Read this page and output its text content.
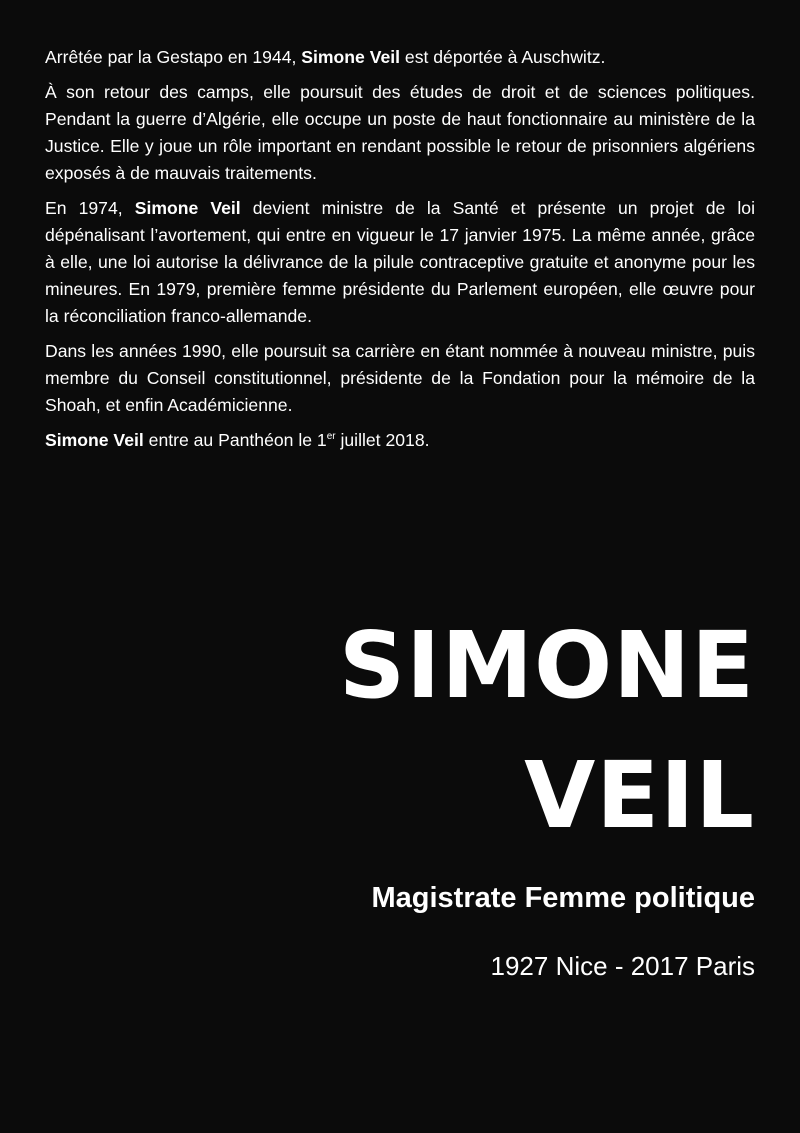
Arrêtée par la Gestapo en 1944, Simone Veil est déportée à Auschwitz.

À son retour des camps, elle poursuit des études de droit et de sciences politiques. Pendant la guerre d’Algérie, elle occupe un poste de haut fonctionnaire au ministère de la Justice. Elle y joue un rôle important en rendant possible le retour de prisonniers algériens exposés à de mauvais traitements.

En 1974, Simone Veil devient ministre de la Santé et présente un projet de loi dépénalisant l’avortement, qui entre en vigueur le 17 janvier 1975. La même année, grâce à elle, une loi autorise la délivrance de la pilule contraceptive gratuite et anonyme pour les mineures. En 1979, première femme présidente du Parlement européen, elle œuvre pour la réconciliation franco-allemande.

Dans les années 1990, elle poursuit sa carrière en étant nommée à nouveau ministre, puis membre du Conseil constitutionnel, présidente de la Fondation pour la mémoire de la Shoah, et enfin Académicienne.

Simone Veil entre au Panthéon le 1er juillet 2018.

SIMONE
VEIL
Magistrate Femme politique
1927 Nice - 2017 Paris
